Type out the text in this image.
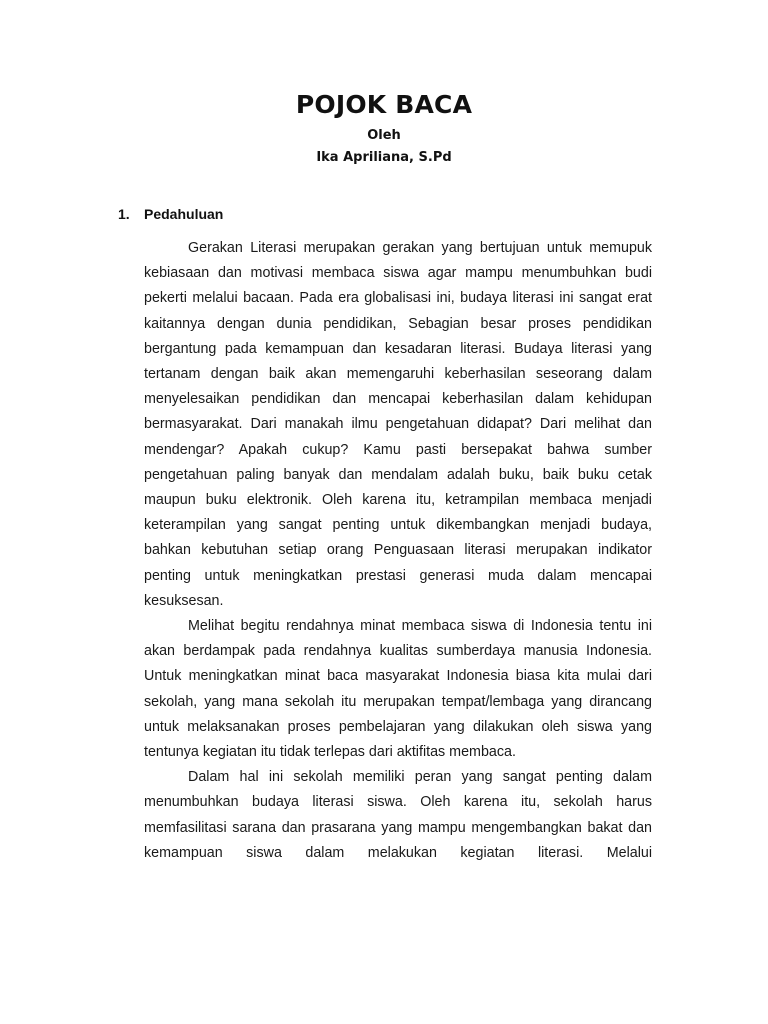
POJOK BACA
Oleh
Ika Apriliana, S.Pd
1. Pedahuluan

Gerakan Literasi merupakan gerakan yang bertujuan untuk memupuk kebiasaan dan motivasi membaca siswa agar mampu menumbuhkan budi pekerti melalui bacaan. Pada era globalisasi ini, budaya literasi ini sangat erat kaitannya dengan dunia pendidikan, Sebagian besar proses pendidikan bergantung pada kemampuan dan kesadaran literasi. Budaya literasi yang tertanam dengan baik akan memengaruhi keberhasilan seseorang dalam menyelesaikan pendidikan dan mencapai keberhasilan dalam kehidupan bermasyarakat. Dari manakah ilmu pengetahuan didapat? Dari melihat dan mendengar? Apakah cukup? Kamu pasti bersepakat bahwa sumber pengetahuan paling banyak dan mendalam adalah buku, baik buku cetak maupun buku elektronik. Oleh karena itu, ketrampilan membaca menjadi keterampilan yang sangat penting untuk dikembangkan menjadi budaya, bahkan kebutuhan setiap orang Penguasaan literasi merupakan indikator penting untuk meningkatkan prestasi generasi muda dalam mencapai kesuksesan.

Melihat begitu rendahnya minat membaca siswa di Indonesia tentu ini akan berdampak pada rendahnya kualitas sumberdaya manusia Indonesia. Untuk meningkatkan minat baca masyarakat Indonesia biasa kita mulai dari sekolah, yang mana sekolah itu merupakan tempat/lembaga yang dirancang untuk melaksanakan proses pembelajaran yang dilakukan oleh siswa yang tentunya kegiatan itu tidak terlepas dari aktifitas membaca.

Dalam hal ini sekolah memiliki peran yang sangat penting dalam menumbuhkan budaya literasi siswa. Oleh karena itu, sekolah harus memfasilitasi sarana dan prasarana yang mampu mengembangkan bakat dan kemampuan siswa dalam melakukan kegiatan literasi. Melalui
